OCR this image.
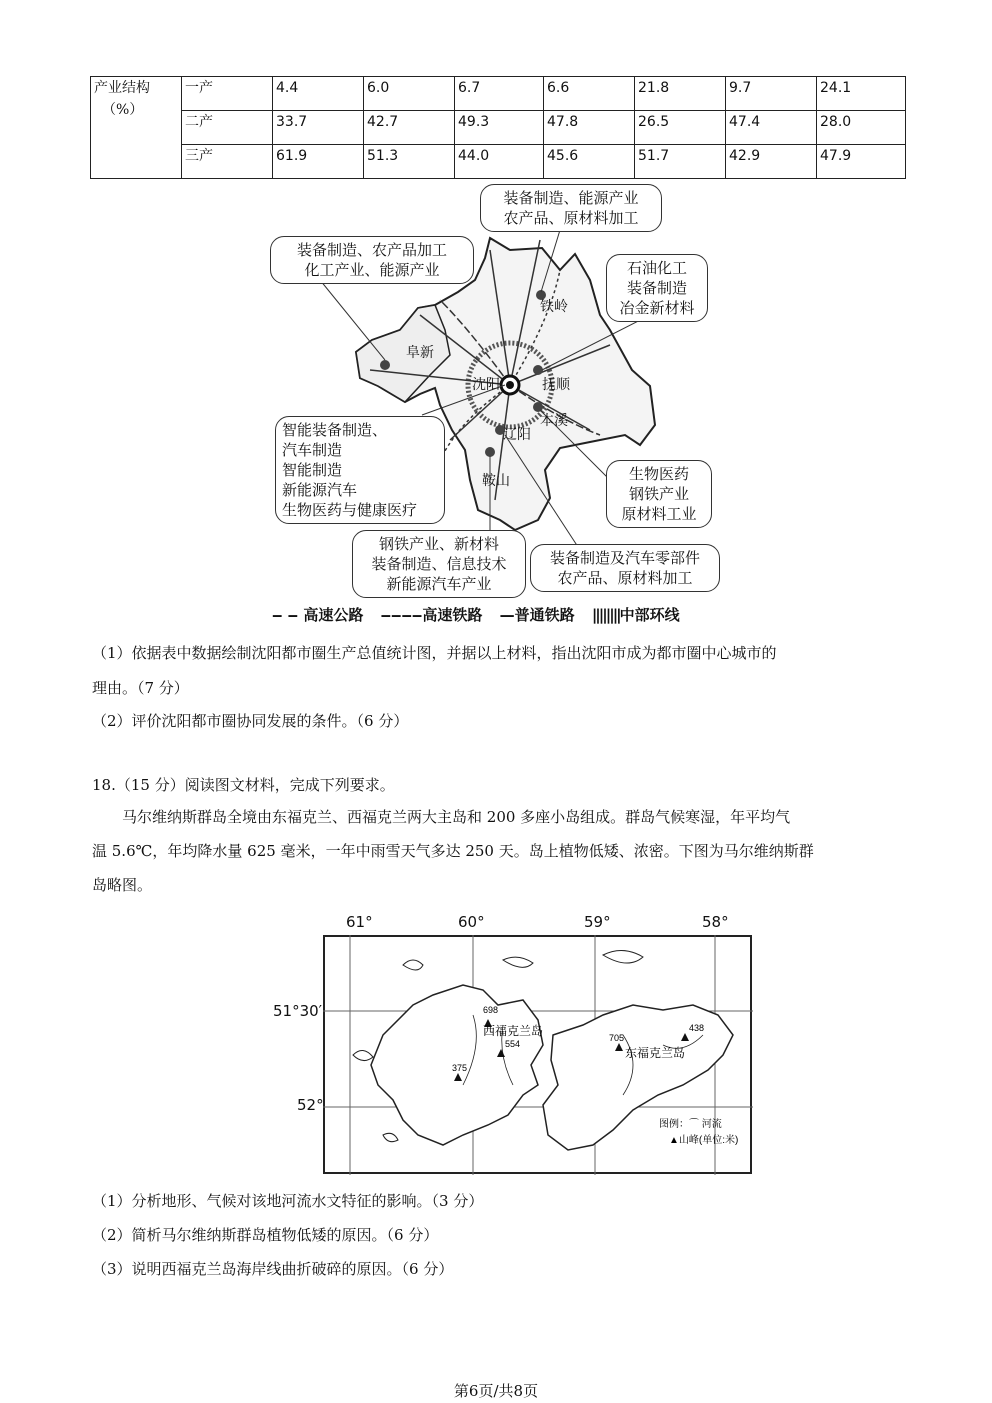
产业结构
（%）	一产	4.4	6.0	6.7	6.6	21.8	9.7	24.1
	二产	33.7	42.7	49.3	47.8	26.5	47.4	28.0
	三产	61.9	51.3	44.0	45.6	51.7	42.9	47.9
装备制造、能源产业
农产品、原材料加工
装备制造、农产品加工
化工产业、能源产业	石油化工
装备制造
冶金新材料
智能装备制造、
汽车制造
智能制造
新能源汽车
生物医药与健康医疗
生物医药
钢铁产业
原材料工业
钢铁产业、新材料
装备制造、信息技术
新能源汽车产业
装备制造及汽车零部件
农产品、原材料加工
铁岭
阜新
沈阳	抚顺
本溪
辽阳
鞍山
‒ ‒ 高速公路 ‒‒‒‒高速铁路 —普通铁路 ||||||||中部环线
（1）依据表中数据绘制沈阳都市圈生产总值统计图，并据以上材料，指出沈阳市成为都市圈中心城市的
理由。（7 分）
（2）评价沈阳都市圈协同发展的条件。（6 分）
18.（15 分）阅读图文材料，完成下列要求。
马尔维纳斯群岛全境由东福克兰、西福克兰两大主岛和 200 多座小岛组成。群岛气候寒湿，年平均气
温 5.6℃，年均降水量 625 毫米，一年中雨雪天气多达 250 天。岛上植物低矮、浓密。下图为马尔维纳斯群
岛略图。
61°	60°	59°	58°
51°30′
52°
698
554
375
705
438
西福克兰岛
东福克兰岛
图例：⌒ 河流
▲山峰(单位:米)
（1）分析地形、气候对该地河流水文特征的影响。（3 分）
（2）简析马尔维纳斯群岛植物低矮的原因。（6 分）
（3）说明西福克兰岛海岸线曲折破碎的原因。（6 分）
第6页/共8页
